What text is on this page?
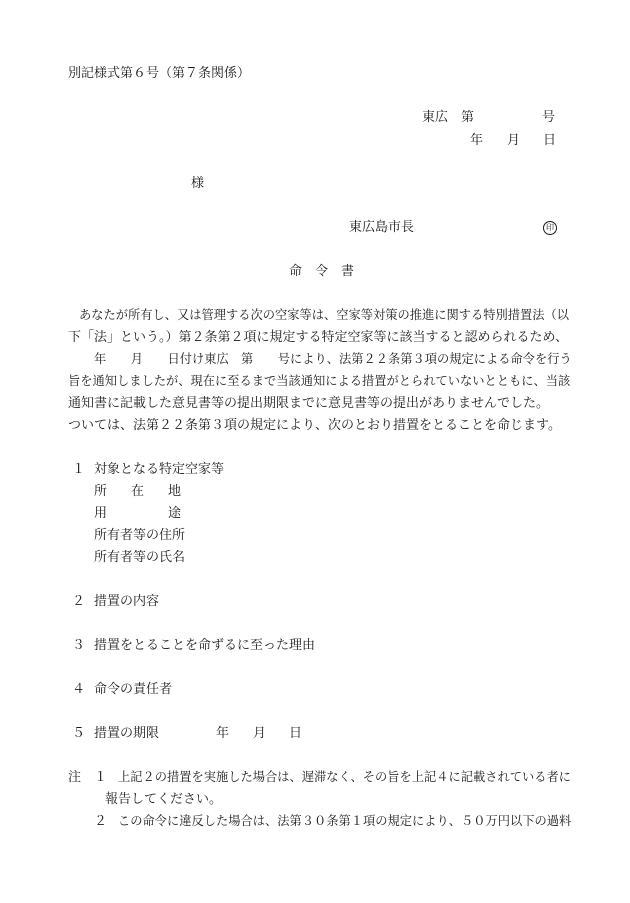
別記様式第６号（第７条関係）
東広　第	号
年 月 日
様
東広島市長	印
命　令　書
あなたが所有し、又は管理する次の空家等は、空家等対策の推進に関する特別措置法（以
下「法」という。）第２条第２項に規定する特定空家等に該当すると認められるため、
年　　月　　日付け東広　第　　号により、法第２２条第３項の規定による命令を行う
旨を通知しましたが、現在に至るまで当該通知による措置がとられていないとともに、当該
通知書に記載した意見書等の提出期限までに意見書等の提出がありませんでした。
ついては、法第２２条第３項の規定により、次のとおり措置をとることを命じます。
１ 対象となる特定空家等
所 在 地
用	途
所有者等の住所
所有者等の氏名
２ 措置の内容
３ 措置をとることを命ずるに至った理由
４ 命令の責任者
５ 措置の期限	年 月 日
注 １ 上記２の措置を実施した場合は、遅滞なく、その旨を上記４に記載されている者に
報告してください。
２ この命令に違反した場合は、法第３０条第１項の規定により、５０万円以下の過料
